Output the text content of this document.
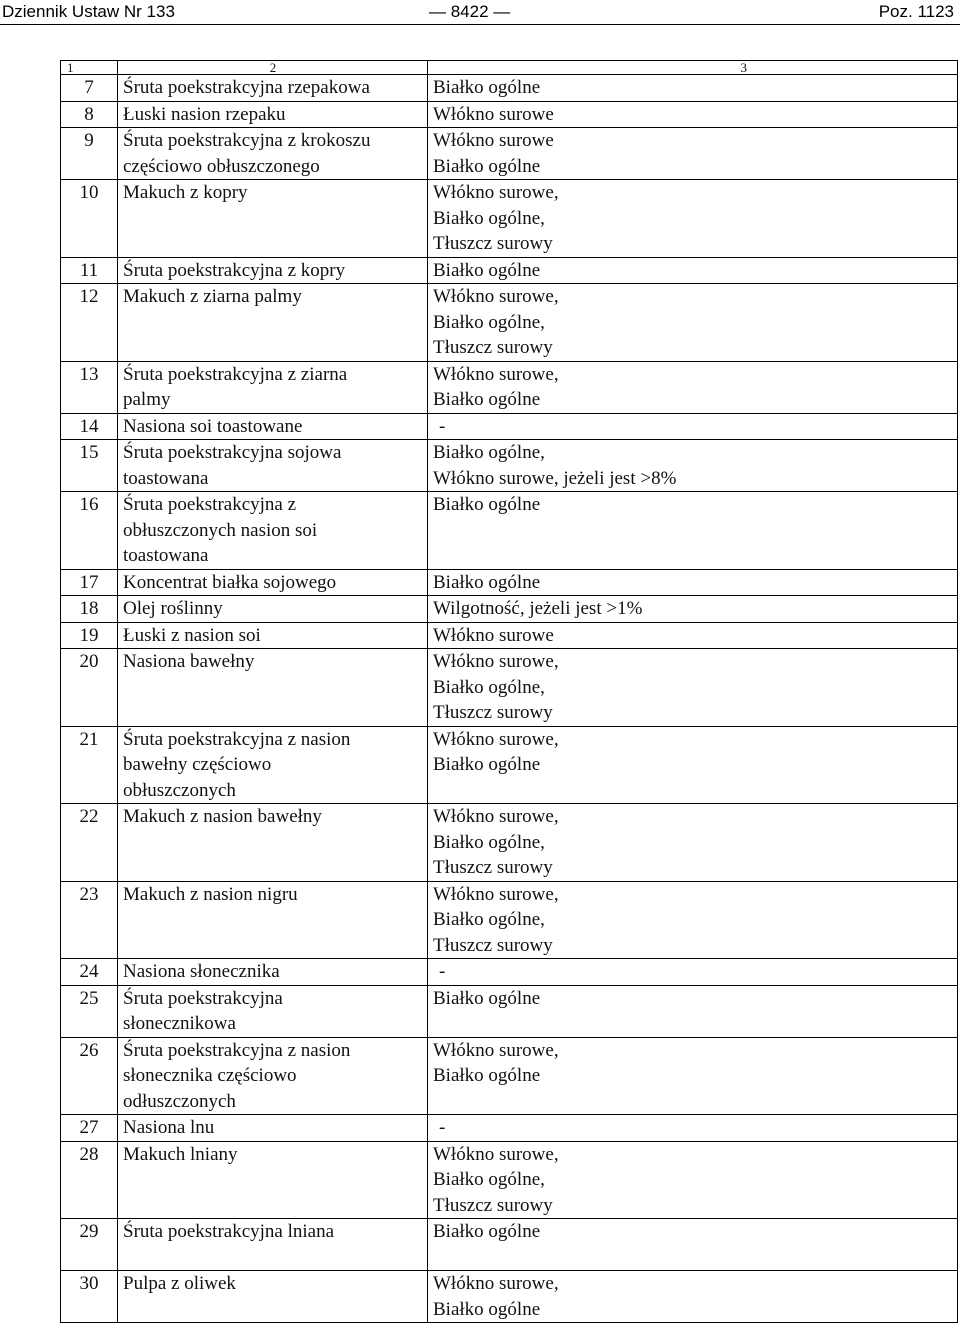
Dziennik Ustaw Nr 133	— 8422 —	Poz. 1123
1	2	3
7	Śruta poekstrakcyjna rzepakowa	Białko ogólne

8	Łuski nasion rzepaku	Włókno surowe

9	Śruta poekstrakcyjna z krokoszu
częściowo obłuszczonego	Włókno surowe
Białko ogólne

10	Makuch z kopry	Włókno surowe,
Białko ogólne,
Tłuszcz surowy

11	Śruta poekstrakcyjna z kopry	Białko ogólne

12	Makuch z ziarna palmy	Włókno surowe,
Białko ogólne,
Tłuszcz surowy

13	Śruta poekstrakcyjna z ziarna
palmy	Włókno surowe,
Białko ogólne

14	Nasiona soi toastowane	-

15	Śruta poekstrakcyjna sojowa
toastowana	Białko ogólne,
Włókno surowe, jeżeli jest >8%

16	Śruta poekstrakcyjna z
obłuszczonych nasion soi
toastowana	Białko ogólne

17	Koncentrat białka sojowego	Białko ogólne

18	Olej roślinny	Wilgotność, jeżeli jest >1%

19	Łuski z nasion soi	Włókno surowe

20	Nasiona bawełny	Włókno surowe,
Białko ogólne,
Tłuszcz surowy

21	Śruta poekstrakcyjna z nasion
bawełny częściowo
obłuszczonych	Włókno surowe,
Białko ogólne

22	Makuch z nasion bawełny	Włókno surowe,
Białko ogólne,
Tłuszcz surowy

23	Makuch z nasion nigru	Włókno surowe,
Białko ogólne,
Tłuszcz surowy

24	Nasiona słonecznika	-

25	Śruta poekstrakcyjna
słonecznikowa	Białko ogólne

26	Śruta poekstrakcyjna z nasion
słonecznika częściowo
odłuszczonych	Włókno surowe,
Białko ogólne

27	Nasiona lnu	-

28	Makuch lniany	Włókno surowe,
Białko ogólne,
Tłuszcz surowy

29	Śruta poekstrakcyjna lniana	Białko ogólne

30	Pulpa z oliwek	Włókno surowe,
Białko ogólne
